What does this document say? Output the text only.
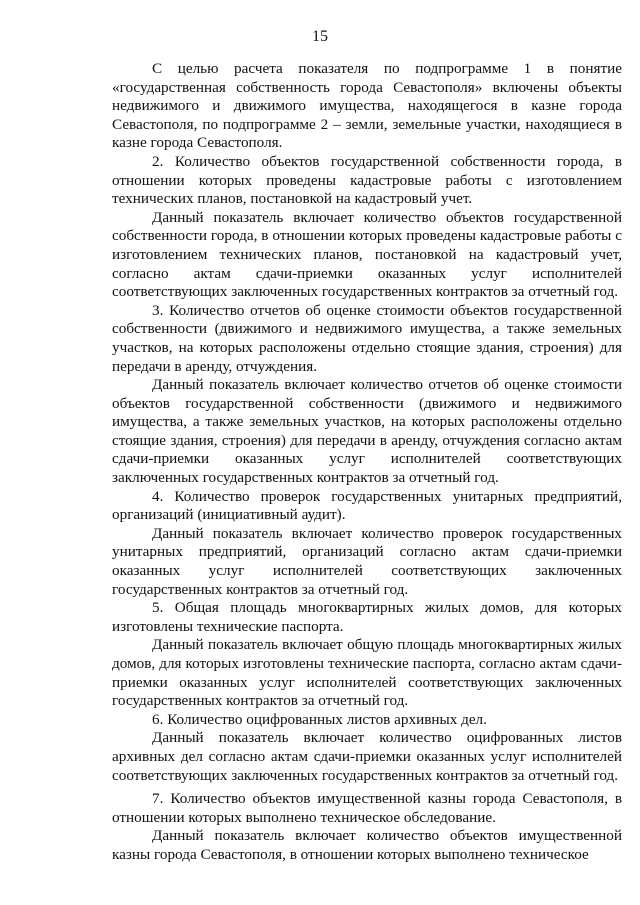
15

С целью расчета показателя по подпрограмме 1 в понятие «государственная собственность города Севастополя» включены объекты недвижимого и движимого имущества, находящегося в казне города Севастополя, по подпрограмме 2 – земли, земельные участки, находящиеся в казне города Севастополя.

2. Количество объектов государственной собственности города, в отношении которых проведены кадастровые работы с изготовлением технических планов, постановкой на кадастровый учет.

Данный показатель включает количество объектов государственной собственности города, в отношении которых проведены кадастровые работы с изготовлением технических планов, постановкой на кадастровый учет, согласно актам сдачи-приемки оказанных услуг исполнителей соответствующих заключенных государственных контрактов за отчетный год.

3. Количество отчетов об оценке стоимости объектов государственной собственности (движимого и недвижимого имущества, а также земельных участков, на которых расположены отдельно стоящие здания, строения) для передачи в аренду, отчуждения.

Данный показатель включает количество отчетов об оценке стоимости объектов государственной собственности (движимого и недвижимого имущества, а также земельных участков, на которых расположены отдельно стоящие здания, строения) для передачи в аренду, отчуждения согласно актам сдачи-приемки оказанных услуг исполнителей соответствующих заключенных государственных контрактов за отчетный год.

4. Количество проверок государственных унитарных предприятий, организаций (инициативный аудит).

Данный показатель включает количество проверок государственных унитарных предприятий, организаций согласно актам сдачи-приемки оказанных услуг исполнителей соответствующих заключенных государственных контрактов за отчетный год.

5. Общая площадь многоквартирных жилых домов, для которых изготовлены технические паспорта.

Данный показатель включает общую площадь многоквартирных жилых домов, для которых изготовлены технические паспорта, согласно актам сдачи-приемки оказанных услуг исполнителей соответствующих заключенных государственных контрактов за отчетный год.

6. Количество оцифрованных листов архивных дел.

Данный показатель включает количество оцифрованных листов архивных дел согласно актам сдачи-приемки оказанных услуг исполнителей соответствующих заключенных государственных контрактов за отчетный год.

7. Количество объектов имущественной казны города Севастополя, в отношении которых выполнено техническое обследование.

Данный показатель включает количество объектов имущественной казны города Севастополя, в отношении которых выполнено техническое
